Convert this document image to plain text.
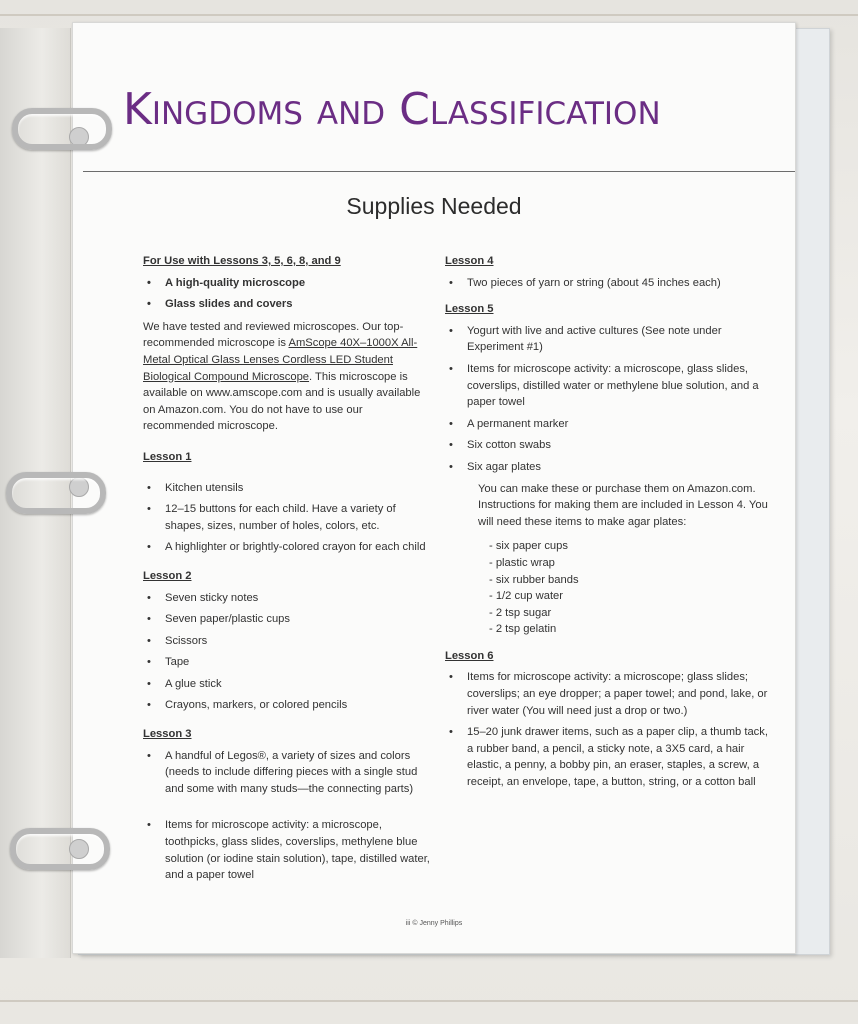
Kingdoms and Classification
Supplies Needed
For Use with Lessons 3, 5, 6, 8, and 9
• A high-quality microscope
• Glass slides and covers

We have tested and reviewed microscopes. Our top-recommended microscope is AmScope 40X–1000X All-Metal Optical Glass Lenses Cordless LED Student Biological Compound Microscope. This microscope is available on www.amscope.com and is usually available on Amazon.com. You do not have to use our recommended microscope.

Lesson 1
• Kitchen utensils
• 12–15 buttons for each child. Have a variety of shapes, sizes, number of holes, colors, etc.
• A highlighter or brightly-colored crayon for each child
Lesson 2
• Seven sticky notes
• Seven paper/plastic cups
• Scissors
• Tape
• A glue stick
• Crayons, markers, or colored pencils
Lesson 3
• A handful of Legos®, a variety of sizes and colors (needs to include differing pieces with a single stud and some with many studs—the connecting parts)
• Items for microscope activity: a microscope, toothpicks, glass slides, coverslips, methylene blue solution (or iodine stain solution), tape, distilled water, and a paper towel
Lesson 4
• Two pieces of yarn or string (about 45 inches each)
Lesson 5
• Yogurt with live and active cultures (See note under Experiment #1)
• Items for microscope activity: a microscope, glass slides, coverslips, distilled water or methylene blue solution, and a paper towel
• A permanent marker
• Six cotton swabs
• Six agar plates

You can make these or purchase them on Amazon.com. Instructions for making them are included in Lesson 4. You will need these items to make agar plates:

- six paper cups
- plastic wrap
- six rubber bands
- 1/2 cup water
- 2 tsp sugar
- 2 tsp gelatin
Lesson 6
• Items for microscope activity: a microscope; glass slides; coverslips; an eye dropper; a paper towel; and pond, lake, or river water (You will need just a drop or two.)
• 15–20 junk drawer items, such as a paper clip, a thumb tack, a rubber band, a pencil, a sticky note, a 3X5 card, a hair elastic, a penny, a bobby pin, an eraser, staples, a screw, a receipt, an envelope, tape, a button, string, or a cotton ball
iii © Jenny Phillips
